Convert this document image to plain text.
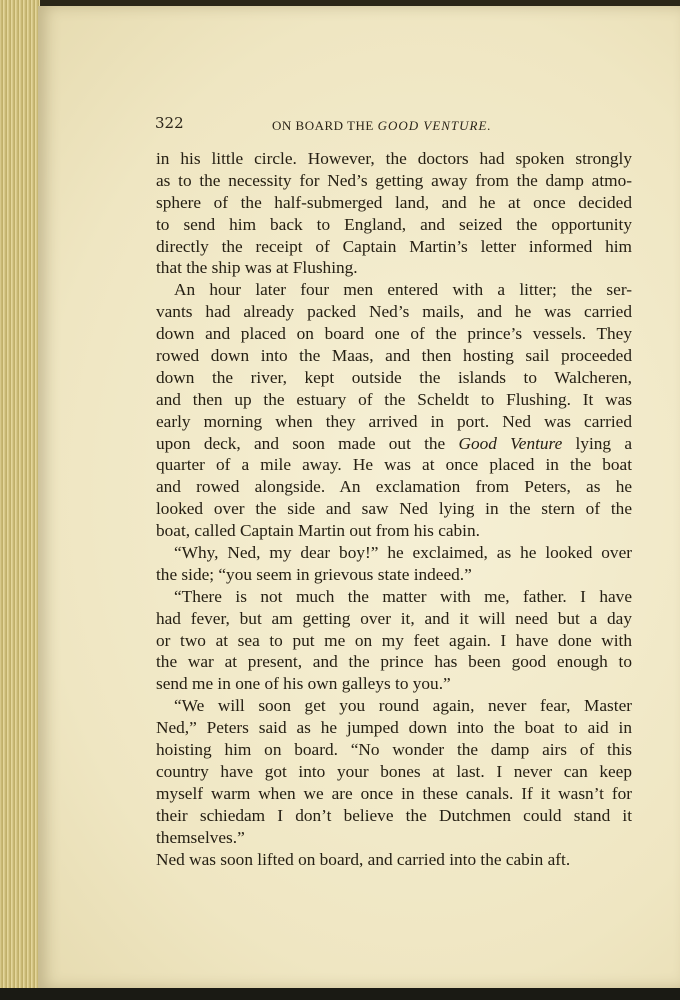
322	ON BOARD THE GOOD VENTURE.
in his little circle. However, the doctors had spoken strongly
as to the necessity for Ned’s getting away from the damp atmo-
sphere of the half-submerged land, and he at once decided
to send him back to England, and seized the opportunity
directly the receipt of Captain Martin’s letter informed him
that the ship was at Flushing.
An hour later four men entered with a litter; the ser-
vants had already packed Ned’s mails, and he was carried
down and placed on board one of the prince’s vessels. They
rowed down into the Maas, and then hosting sail proceeded
down the river, kept outside the islands to Walcheren,
and then up the estuary of the Scheldt to Flushing. It was
early morning when they arrived in port. Ned was carried
upon deck, and soon made out the Good Venture lying a
quarter of a mile away. He was at once placed in the boat
and rowed alongside. An exclamation from Peters, as he
looked over the side and saw Ned lying in the stern of the
boat, called Captain Martin out from his cabin.
“Why, Ned, my dear boy!” he exclaimed, as he looked over
the side; “you seem in grievous state indeed.”
“There is not much the matter with me, father. I have
had fever, but am getting over it, and it will need but a day
or two at sea to put me on my feet again. I have done with
the war at present, and the prince has been good enough to
send me in one of his own galleys to you.”
“We will soon get you round again, never fear, Master
Ned,” Peters said as he jumped down into the boat to aid in
hoisting him on board. “No wonder the damp airs of this
country have got into your bones at last. I never can keep
myself warm when we are once in these canals. If it wasn’t for
their schiedam I don’t believe the Dutchmen could stand it
themselves.”
Ned was soon lifted on board, and carried into the cabin aft.
